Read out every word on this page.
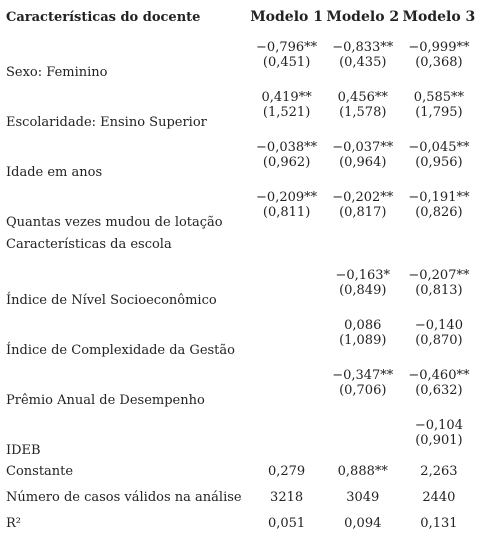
Características do docente	Modelo 1	Modelo 2	Modelo 3
Sexo: Feminino	−0,796**	−0,833**	−0,999**
	(0,451)	(0,435)	(0,368)
Escolaridade: Ensino Superior	0,419**	0,456**	0,585**
	(1,521)	(1,578)	(1,795)
Idade em anos	−0,038**	−0,037**	−0,045**
	(0,962)	(0,964)	(0,956)
Quantas vezes mudou de lotação	−0,209**	−0,202**	−0,191**
	(0,811)	(0,817)	(0,826)
Características da escola			
Índice de Nível Socioeconômico		−0,163*	−0,207**
		(0,849)	(0,813)
Índice de Complexidade da Gestão		0,086	−0,140
		(1,089)	(0,870)
Prêmio Anual de Desempenho		−0,347**	−0,460**
		(0,706)	(0,632)
IDEB			−0,104
			(0,901)
Constante	0,279	0,888**	2,263
Número de casos válidos na análise	3218	3049	2440
R²	0,051	0,094	0,131
